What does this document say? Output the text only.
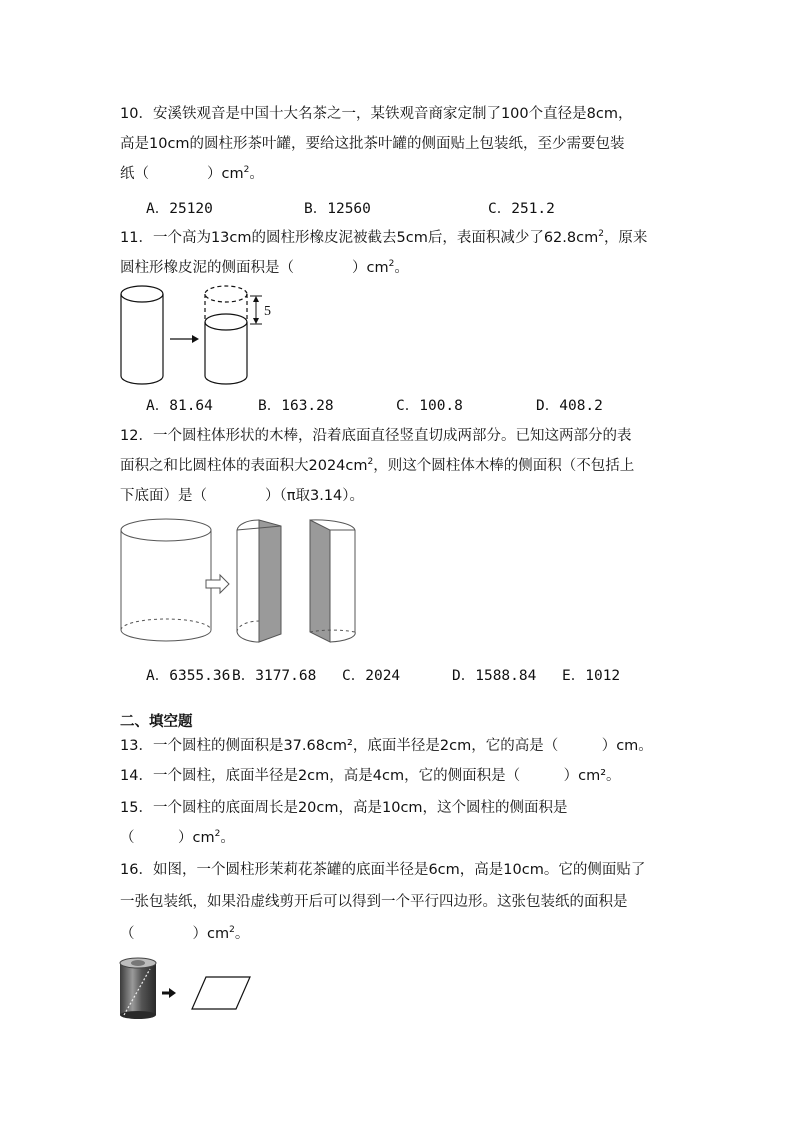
10．安溪铁观音是中国十大名茶之一，某铁观音商家定制了100个直径是8cm，
高是10cm的圆柱形茶叶罐，要给这批茶叶罐的侧面贴上包装纸，至少需要包装
纸（　　　　）$cm^2$。
A．25120	B．12560	C．251.2
11．一个高为13cm的圆柱形橡皮泥被截去5cm后，表面积减少了$62.8cm^2$，原来
圆柱形橡皮泥的侧面积是（　　　　）$cm^2$。
5
A．81.64	B．163.28	C．100.8	D．408.2
12．一个圆柱体形状的木棒，沿着底面直径竖直切成两部分。已知这两部分的表
面积之和比圆柱体的表面积大$2024cm^2$，则这个圆柱体木棒的侧面积（不包括上
下底面）是（　　　　）（π取3.14）。
A．6355.36 B．3177.68 C．2024	D．1588.84 E．1012
二、填空题
13．一个圆柱的侧面积是37.68cm²，底面半径是2cm，它的高是（　　　）cm。
14．一个圆柱，底面半径是2cm，高是4cm，它的侧面积是（　　　）cm²。
15．一个圆柱的底面周长是20cm，高是10cm，这个圆柱的侧面积是
（　　　）$cm^2$。
16．如图，一个圆柱形茉莉花茶罐的底面半径是6cm，高是10cm。它的侧面贴了
一张包装纸，如果沿虚线剪开后可以得到一个平行四边形。这张包装纸的面积是
（　　　　）$cm^2$。
